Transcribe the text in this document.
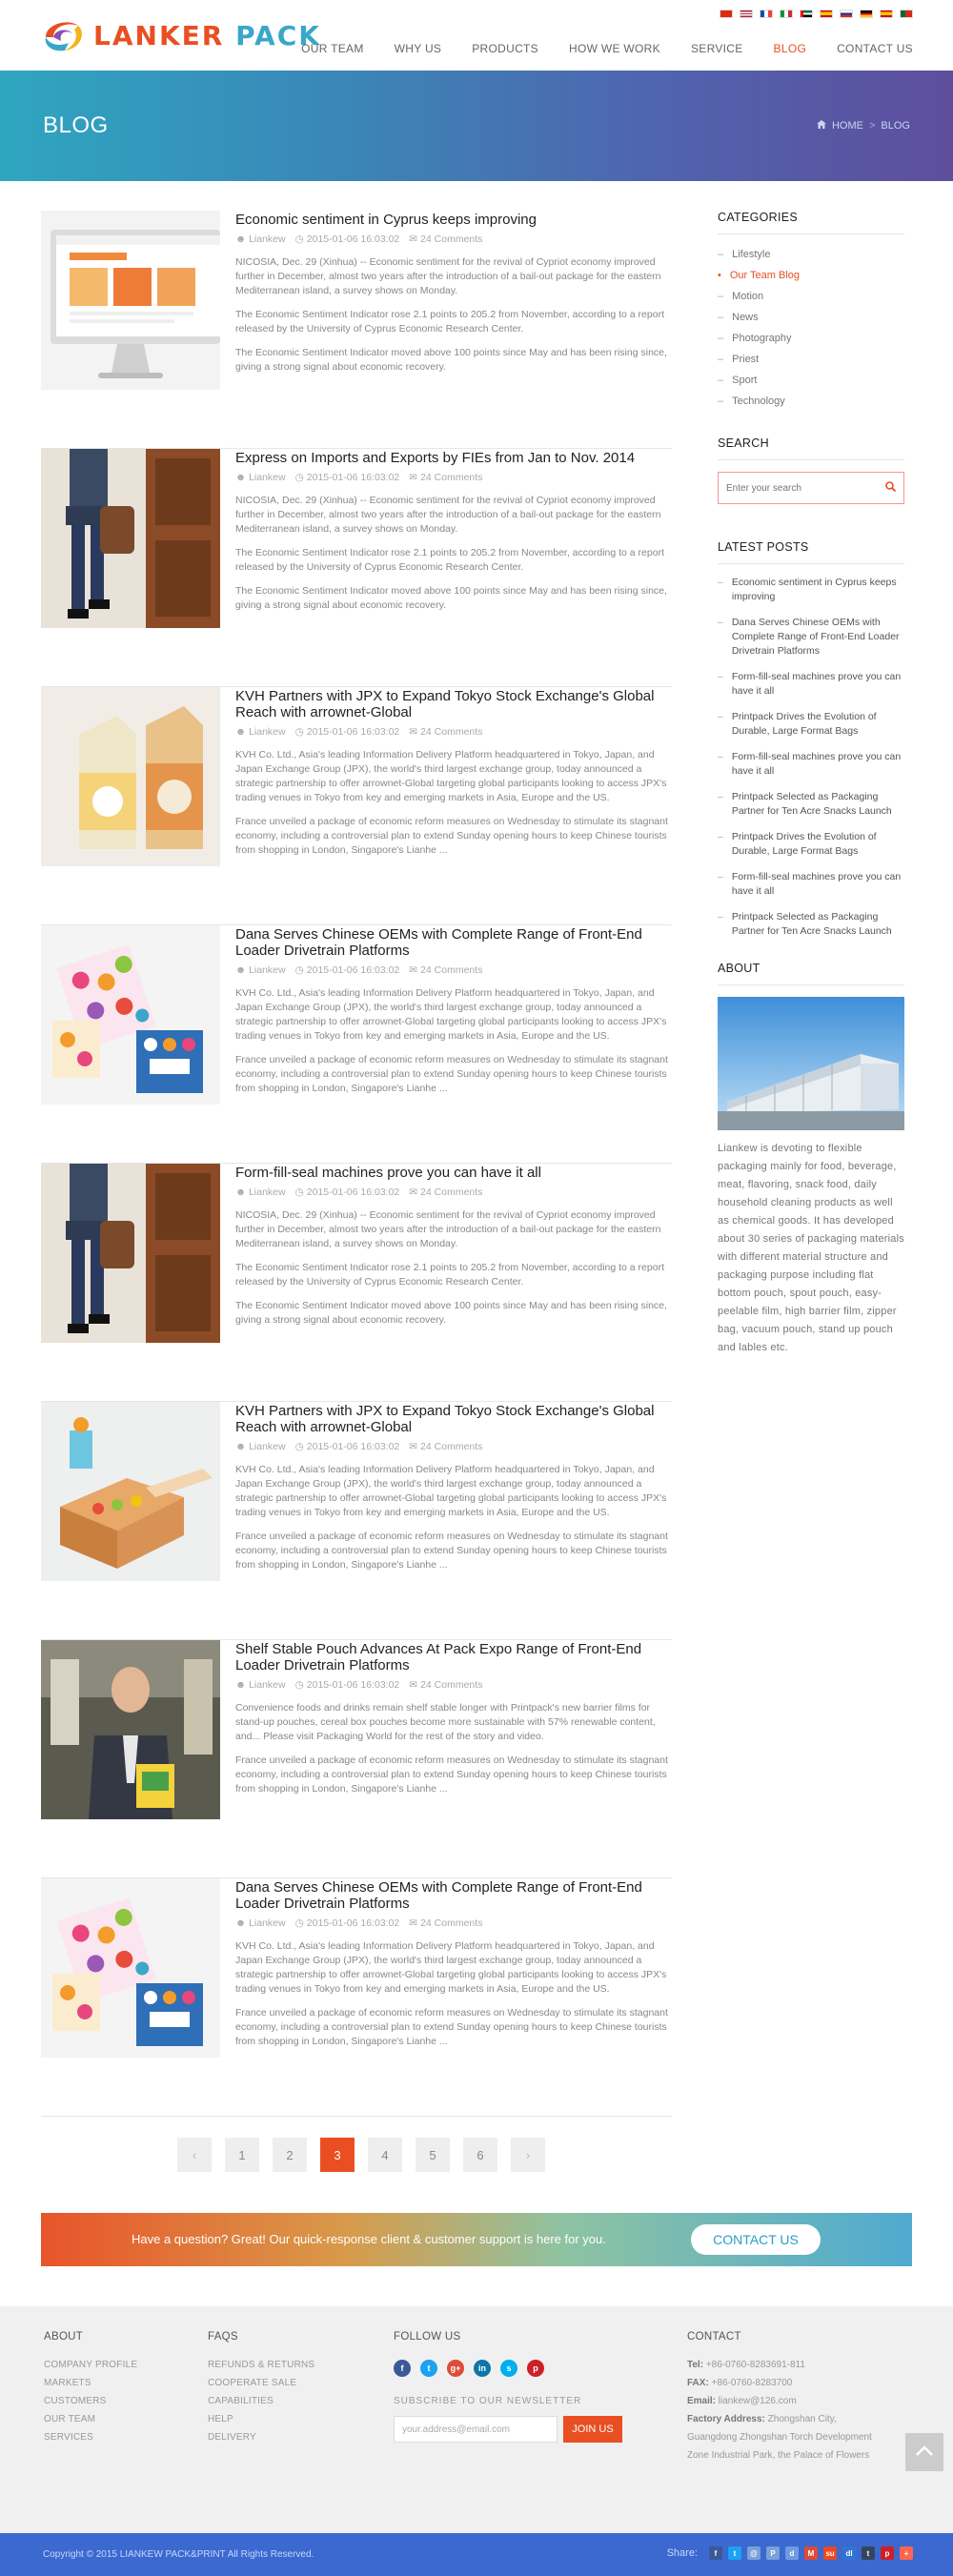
LANKER PACK
OUR TEAM	WHY US	PRODUCTS	HOW WE WORK	SERVICE	BLOG	CONTACT US
BLOG	HOME > BLOG
Economic sentiment in Cyprus keeps improving
☻ Liankew ◷ 2015-01-06 16:03:02 ✉ 24 Comments
NICOSIA, Dec. 29 (Xinhua) -- Economic sentiment for the revival of Cypriot economy improved further in December, almost two years after the introduction of a bail-out package for the eastern Mediterranean island, a survey shows on Monday.
The Economic Sentiment Indicator rose 2.1 points to 205.2 from November, according to a report released by the University of Cyprus Economic Research Center.
The Economic Sentiment Indicator moved above 100 points since May and has been rising since, giving a strong signal about economic recovery.
Express on Imports and Exports by FIEs from Jan to Nov. 2014
☻ Liankew ◷ 2015-01-06 16:03:02 ✉ 24 Comments
NICOSIA, Dec. 29 (Xinhua) -- Economic sentiment for the revival of Cypriot economy improved further in December, almost two years after the introduction of a bail-out package for the eastern Mediterranean island, a survey shows on Monday.
The Economic Sentiment Indicator rose 2.1 points to 205.2 from November, according to a report released by the University of Cyprus Economic Research Center.
The Economic Sentiment Indicator moved above 100 points since May and has been rising since, giving a strong signal about economic recovery.
KVH Partners with JPX to Expand Tokyo Stock Exchange's Global Reach with arrownet-Global
☻ Liankew ◷ 2015-01-06 16:03:02 ✉ 24 Comments
KVH Co. Ltd., Asia's leading Information Delivery Platform headquartered in Tokyo, Japan, and Japan Exchange Group (JPX), the world's third largest exchange group, today announced a strategic partnership to offer arrownet-Global targeting global participants looking to access JPX's trading venues in Tokyo from key and emerging markets in Asia, Europe and the US.
France unveiled a package of economic reform measures on Wednesday to stimulate its stagnant economy, including a controversial plan to extend Sunday opening hours to keep Chinese tourists from shopping in London, Singapore's Lianhe ...
Dana Serves Chinese OEMs with Complete Range of Front-End Loader Drivetrain Platforms
☻ Liankew ◷ 2015-01-06 16:03:02 ✉ 24 Comments
KVH Co. Ltd., Asia's leading Information Delivery Platform headquartered in Tokyo, Japan, and Japan Exchange Group (JPX), the world's third largest exchange group, today announced a strategic partnership to offer arrownet-Global targeting global participants looking to access JPX's trading venues in Tokyo from key and emerging markets in Asia, Europe and the US.
France unveiled a package of economic reform measures on Wednesday to stimulate its stagnant economy, including a controversial plan to extend Sunday opening hours to keep Chinese tourists from shopping in London, Singapore's Lianhe ...
Form-fill-seal machines prove you can have it all
☻ Liankew ◷ 2015-01-06 16:03:02 ✉ 24 Comments
NICOSIA, Dec. 29 (Xinhua) -- Economic sentiment for the revival of Cypriot economy improved further in December, almost two years after the introduction of a bail-out package for the eastern Mediterranean island, a survey shows on Monday.
The Economic Sentiment Indicator rose 2.1 points to 205.2 from November, according to a report released by the University of Cyprus Economic Research Center.
The Economic Sentiment Indicator moved above 100 points since May and has been rising since, giving a strong signal about economic recovery.
KVH Partners with JPX to Expand Tokyo Stock Exchange's Global Reach with arrownet-Global
☻ Liankew ◷ 2015-01-06 16:03:02 ✉ 24 Comments
KVH Co. Ltd., Asia's leading Information Delivery Platform headquartered in Tokyo, Japan, and Japan Exchange Group (JPX), the world's third largest exchange group, today announced a strategic partnership to offer arrownet-Global targeting global participants looking to access JPX's trading venues in Tokyo from key and emerging markets in Asia, Europe and the US.
France unveiled a package of economic reform measures on Wednesday to stimulate its stagnant economy, including a controversial plan to extend Sunday opening hours to keep Chinese tourists from shopping in London, Singapore's Lianhe ...
Shelf Stable Pouch Advances At Pack Expo Range of Front-End Loader Drivetrain Platforms
☻ Liankew ◷ 2015-01-06 16:03:02 ✉ 24 Comments
Convenience foods and drinks remain shelf stable longer with Printpack's new barrier films for stand-up pouches, cereal box pouches become more sustainable with 57% renewable content, and... Please visit Packaging World for the rest of the story and video.
France unveiled a package of economic reform measures on Wednesday to stimulate its stagnant economy, including a controversial plan to extend Sunday opening hours to keep Chinese tourists from shopping in London, Singapore's Lianhe ...
Dana Serves Chinese OEMs with Complete Range of Front-End Loader Drivetrain Platforms
☻ Liankew ◷ 2015-01-06 16:03:02 ✉ 24 Comments
KVH Co. Ltd., Asia's leading Information Delivery Platform headquartered in Tokyo, Japan, and Japan Exchange Group (JPX), the world's third largest exchange group, today announced a strategic partnership to offer arrownet-Global targeting global participants looking to access JPX's trading venues in Tokyo from key and emerging markets in Asia, Europe and the US.
France unveiled a package of economic reform measures on Wednesday to stimulate its stagnant economy, including a controversial plan to extend Sunday opening hours to keep Chinese tourists from shopping in London, Singapore's Lianhe ...
‹	1	2	3	4	5	6	›
Have a question? Great! Our quick-response client & customer support is here for you.	CONTACT US
CATEGORIES
– Lifestyle
• Our Team Blog
– Motion
– News
– Photography
– Priest
– Sport
– Technology
SEARCH
Enter your search
LATEST POSTS
– Economic sentiment in Cyprus keeps improving
– Dana Serves Chinese OEMs with Complete Range of Front-End Loader Drivetrain Platforms
– Form-fill-seal machines prove you can have it all
– Printpack Drives the Evolution of Durable, Large Format Bags
– Form-fill-seal machines prove you can have it all
– Printpack Selected as Packaging Partner for Ten Acre Snacks Launch
– Printpack Drives the Evolution of Durable, Large Format Bags
– Form-fill-seal machines prove you can have it all
– Printpack Selected as Packaging Partner for Ten Acre Snacks Launch
ABOUT
Liankew is devoting to flexible packaging mainly for food, beverage, meat, flavoring, snack food, daily household cleaning products as well as chemical goods. It has developed about 30 series of packaging materials with different material structure and packaging purpose including flat bottom pouch, spout pouch, easy-peelable film, high barrier film, zipper bag, vacuum pouch, stand up pouch and lables etc.
ABOUT
COMPANY PROFILE
MARKETS
CUSTOMERS
OUR TEAM
SERVICES
FAQS
REFUNDS & RETURNS
COOPERATE SALE
CAPABILITIES
HELP
DELIVERY
FOLLOW US
f	t	g+	in	s	p
SUBSCRIBE TO OUR NEWSLETTER
your.address@email.com	JOIN US
CONTACT
Tel: +86-0760-8283691-811
FAX: +86-0760-8283700
Email: liankew@126.com
Factory Address: Zhongshan City, Guangdong Zhongshan Torch Development Zone Industrial Park, the Palace of Flowers
Copyright © 2015 LIANKEW PACK&PRINT All Rights Reserved.	Share:	f	t	@	P	d	M	su	dl	t	p	+
